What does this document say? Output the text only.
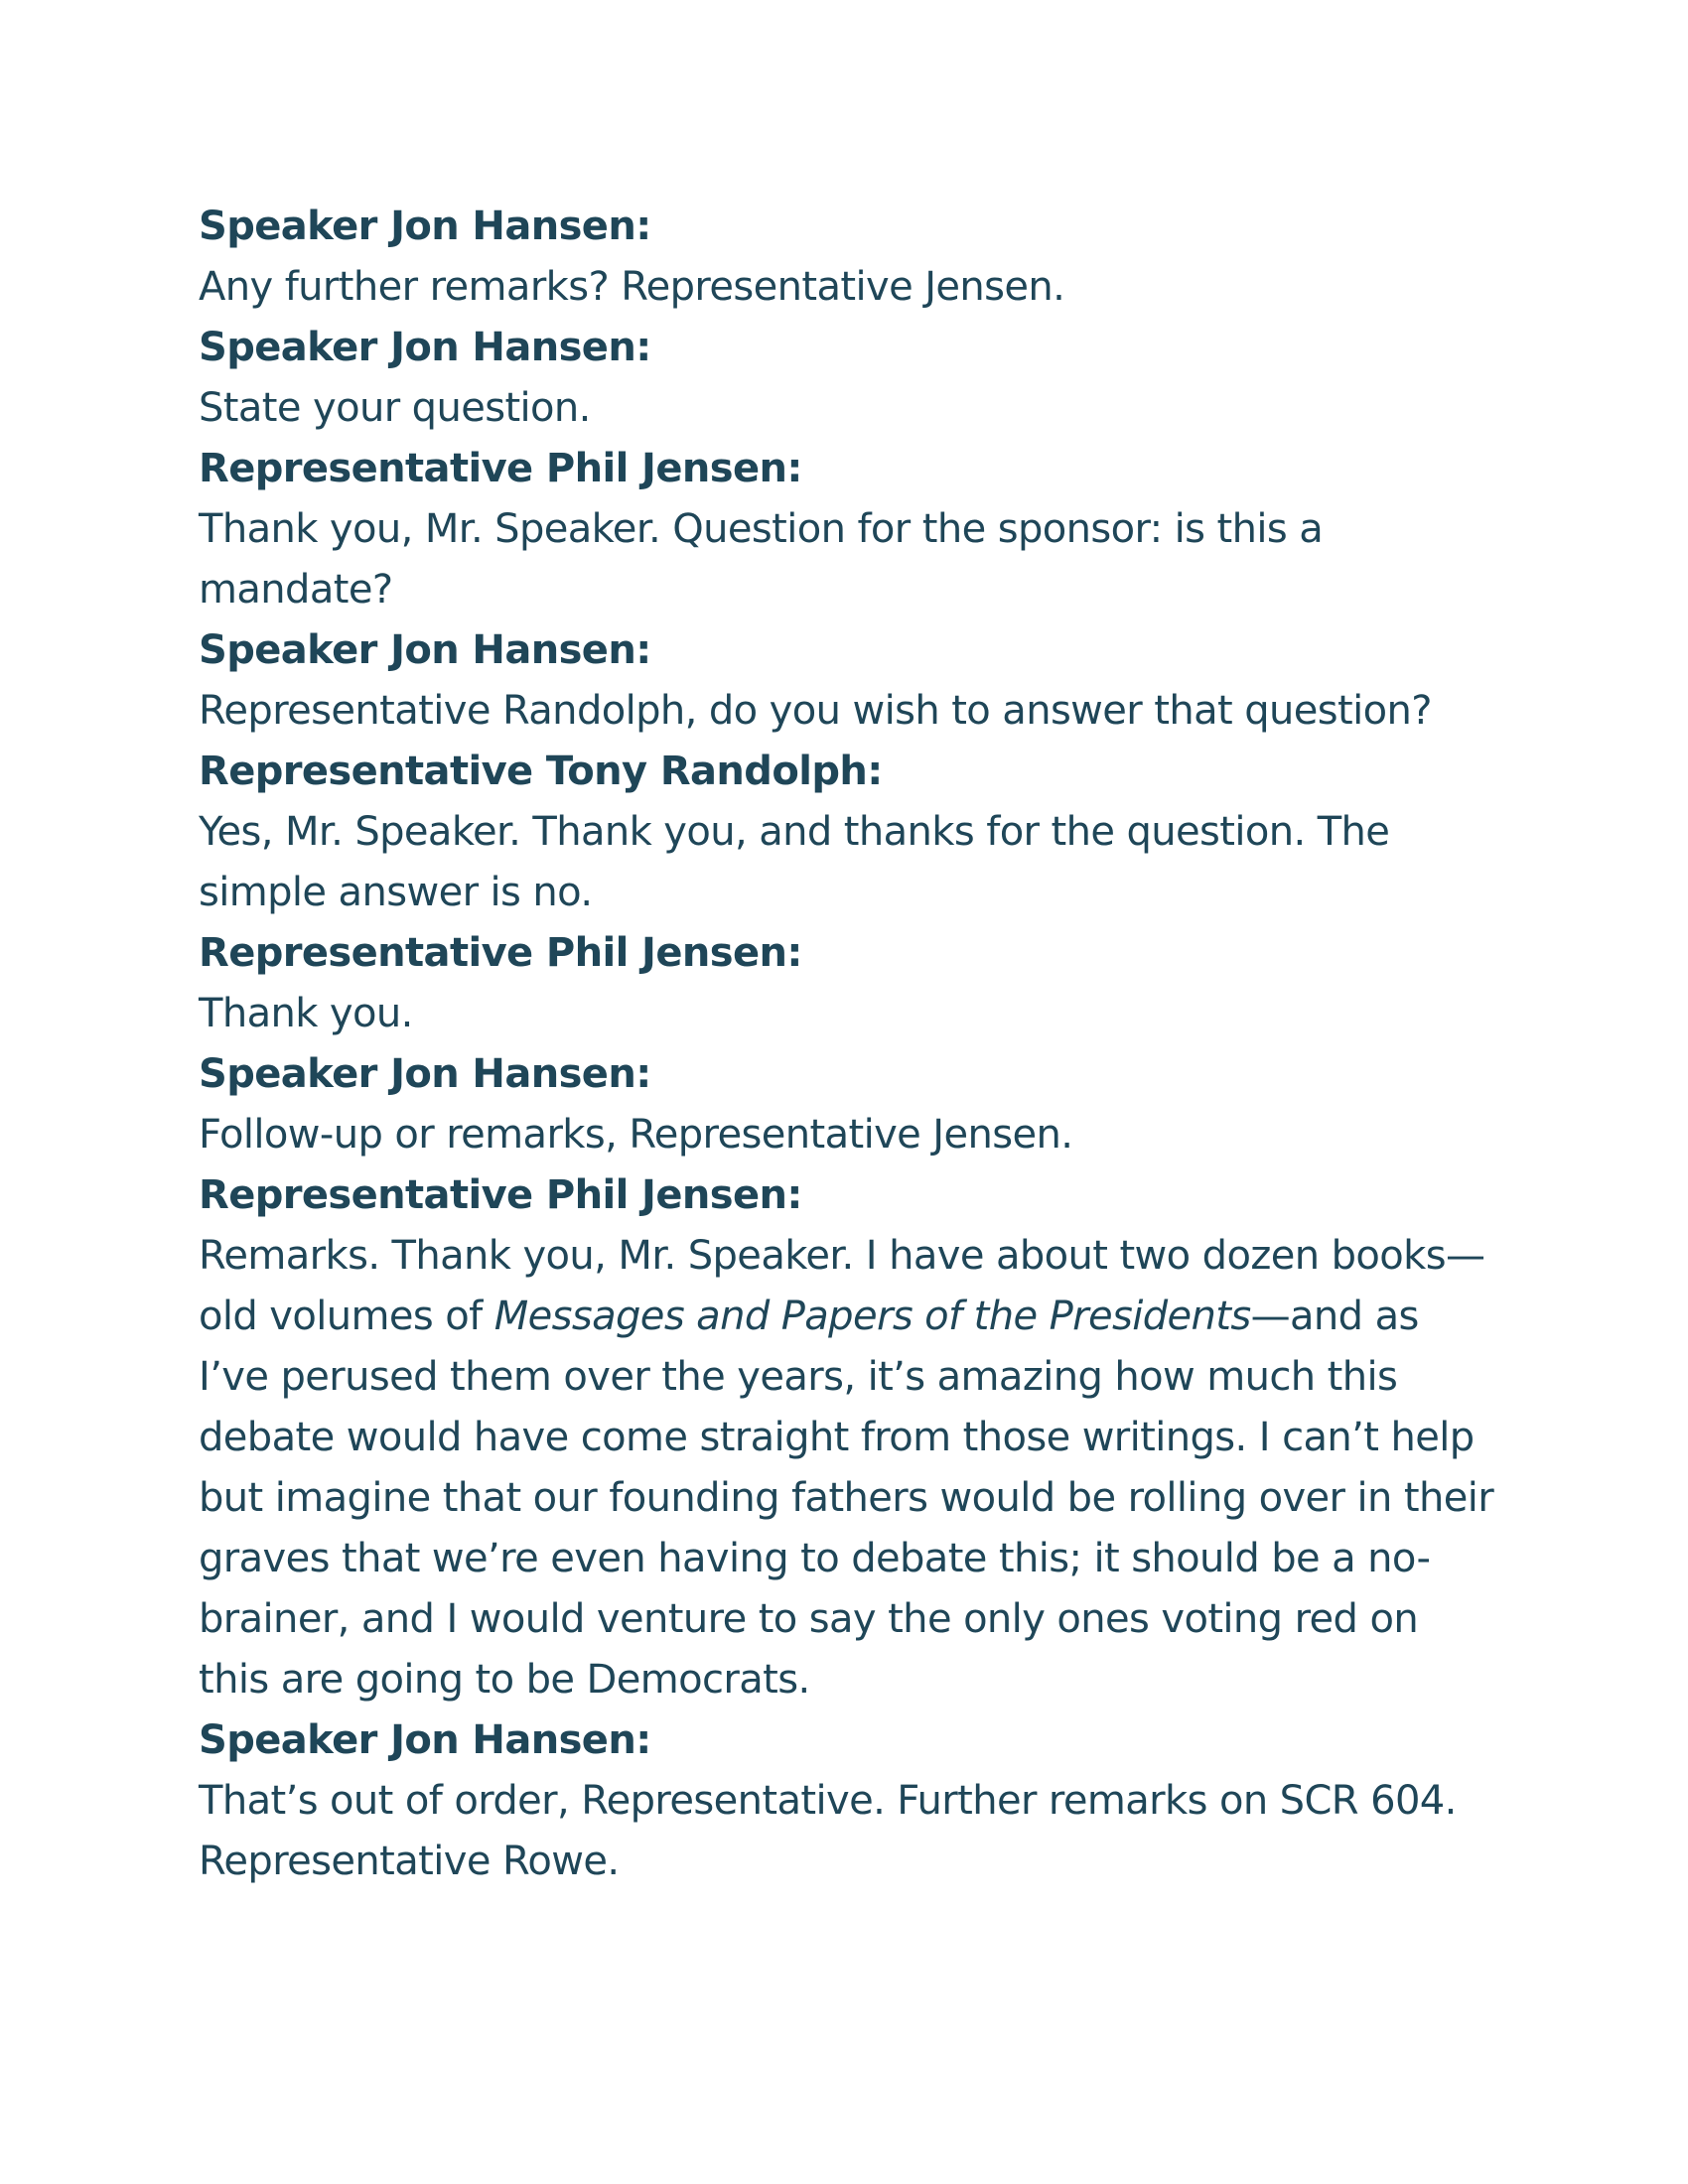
Speaker Jon Hansen:

Any further remarks? Representative Jensen.

Speaker Jon Hansen:

State your question.

Representative Phil Jensen:

Thank you, Mr. Speaker. Question for the sponsor: is this a mandate?

Speaker Jon Hansen:

Representative Randolph, do you wish to answer that question?

Representative Tony Randolph:

Yes, Mr. Speaker. Thank you, and thanks for the question. The simple answer is no.

Representative Phil Jensen:

Thank you.

Speaker Jon Hansen:

Follow-up or remarks, Representative Jensen.

Representative Phil Jensen:

Remarks. Thank you, Mr. Speaker. I have about two dozen books—old volumes of Messages and Papers of the Presidents—and as I’ve perused them over the years, it’s amazing how much this debate would have come straight from those writings. I can’t help but imagine that our founding fathers would be rolling over in their graves that we’re even having to debate this; it should be a no-brainer, and I would venture to say the only ones voting red on this are going to be Democrats.

Speaker Jon Hansen:

That’s out of order, Representative. Further remarks on SCR 604. Representative Rowe.
